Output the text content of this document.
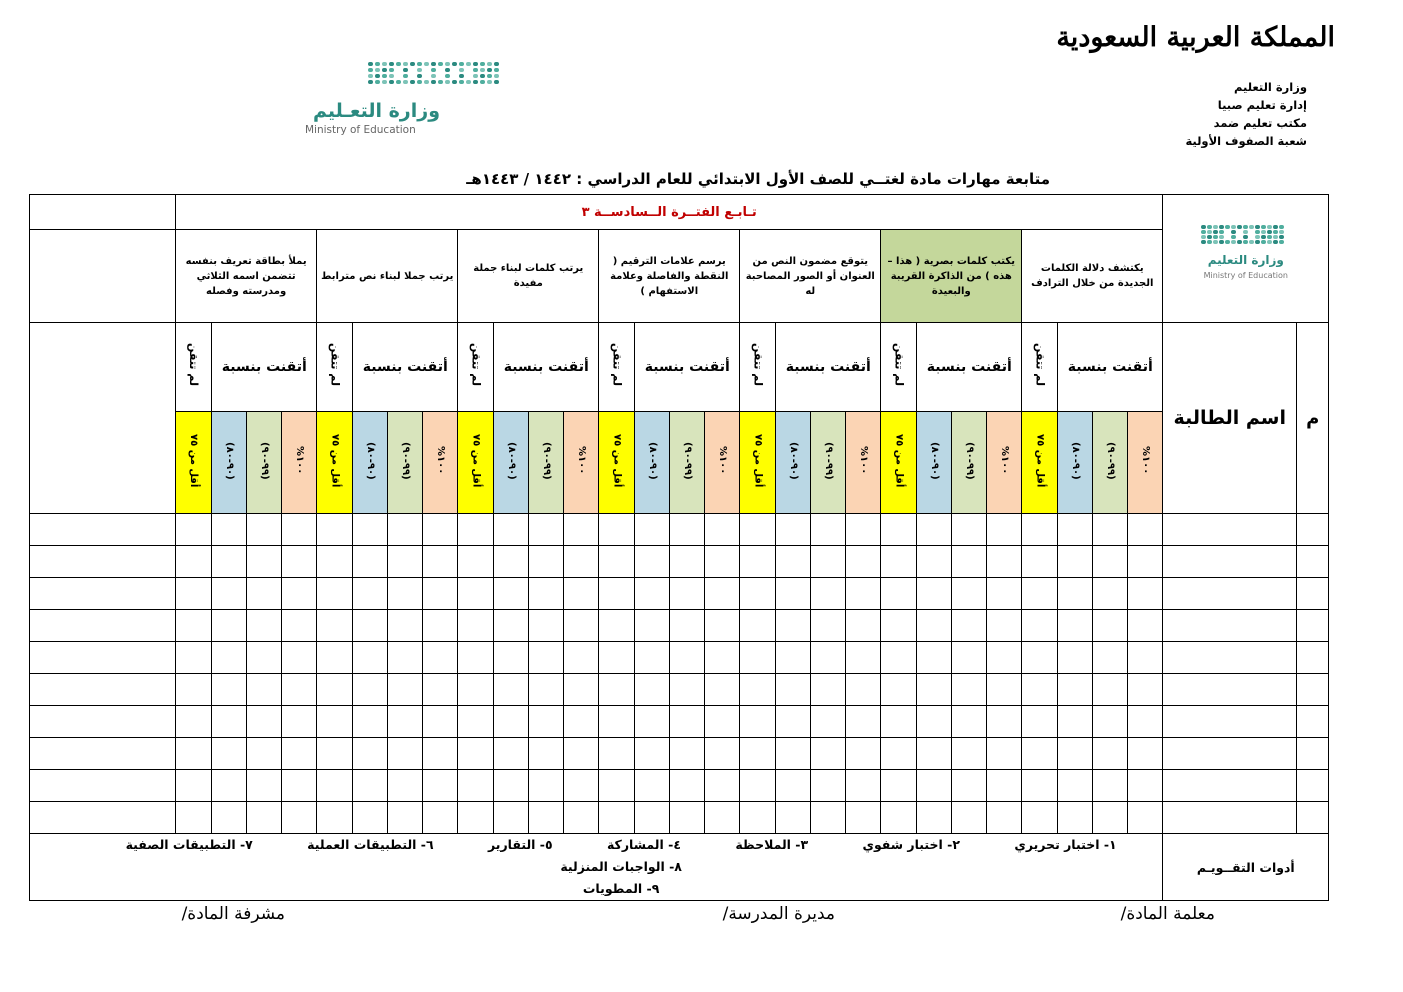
المملكة العربية السعودية
وزارة التعليم
إدارة تعليم صبيا
مكتب تعليم ضمد
شعبة الصفوف الأولية
وزارة التعـليم
Ministry of Education
متابعة مهارات مادة لغتــي للصف الأول الابتدائي للعام الدراسي : ١٤٤٢ / ١٤٤٣هـ
وزارة التعليم
Ministry of Education		تـابـع الفتــرة الــسادســة ٣																												
		يكتشف دلالة الكلمات الجديدة من خلال الترادف				يكتب كلمات بصرية ( هذا – هذه ) من الذاكرة القريبة والبعيدة				يتوقع مضمون النص من العنوان أو الصور المصاحبة له				يرسم علامات الترقيم ( النقطة والفاصلة وعلامة الاستفهام )				يرتب كلمات لبناء جملة مفيدة				يرتب جملا لبناء نص مترابط				يملأ بطاقة تعريف بنفسه تتضمن اسمه الثلاثي ومدرسته وفصله				
م	اسم الطالبة	أتقنت بنسبة			لم تتقن	أتقنت بنسبة			لم تتقن	أتقنت بنسبة			لم تتقن	أتقنت بنسبة			لم تتقن	أتقنت بنسبة			لم تتقن	أتقنت بنسبة			لم تتقن	أتقنت بنسبة			لم تتقن	
		١٠٠%	(٩٩-٩٠)	(٩٠-٨٠)	أقل من ٧٥	١٠٠%	(٩٩-٩٠)	(٩٠-٨٠)	أقل من ٧٥	١٠٠%	(٩٩-٩٠)	(٩٠-٨٠)	أقل من ٧٥	١٠٠%	(٩٩-٩٠)	(٩٠-٨٠)	أقل من ٧٥	١٠٠%	(٩٩-٩٠)	(٩٠-٨٠)	أقل من ٧٥	١٠٠%	(٩٩-٩٠)	(٩٠-٨٠)	أقل من ٧٥	١٠٠%	(٩٩-٩٠)	(٩٠-٨٠)	أقل من ٧٥	

أدوات التقــويـم		١- اختبار تحريري ٢- اختبار شفوي ٣- الملاحظة ٤- المشاركة ٥- التقارير ٦- التطبيقات العملية ٧- التطبيقات الصفية ٨- الواجبات المنزلية
٩- المطويات																												
معلمة المادة/
مديرة المدرسة/
مشرفة المادة/
